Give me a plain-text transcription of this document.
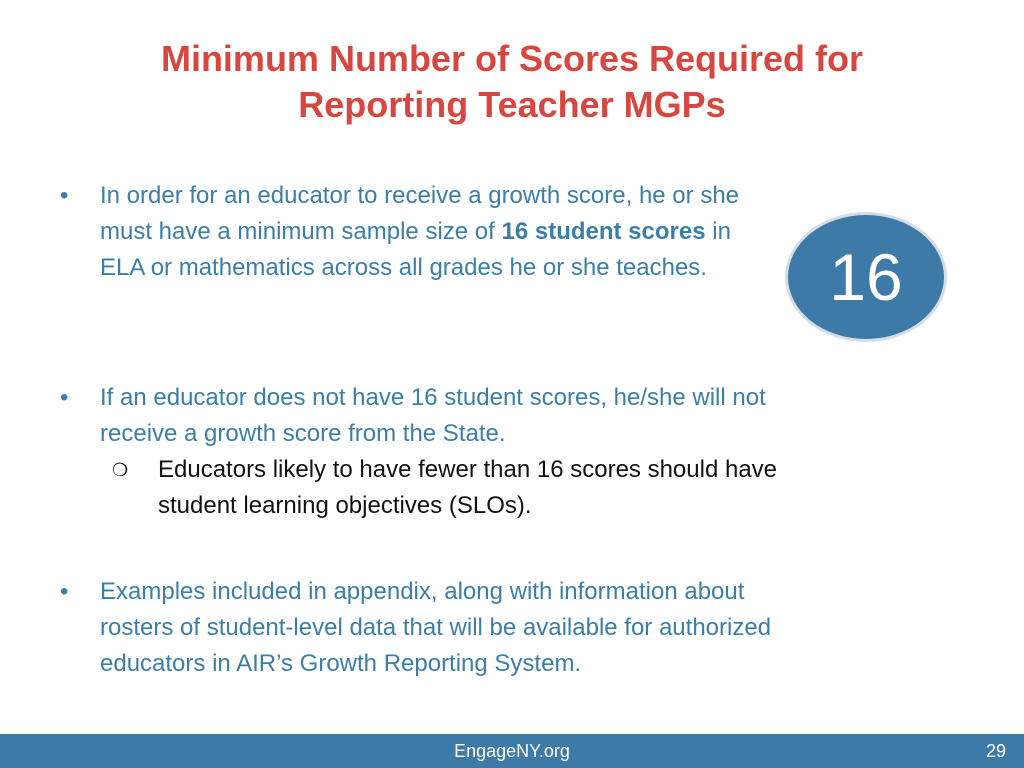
Minimum Number of Scores Required for
Reporting Teacher MGPs
•	In order for an educator to receive a growth score, he or she must have a minimum sample size of 16 student scores in ELA or mathematics across all grades he or she teaches.
•	If an educator does not have 16 student scores, he/she will not receive a growth score from the State.
❍ Educators likely to have fewer than 16 scores should have student learning objectives (SLOs).
•	Examples included in appendix, along with information about rosters of student-level data that will be available for authorized educators in AIR’s Growth Reporting System.
16
EngageNY.org	29
